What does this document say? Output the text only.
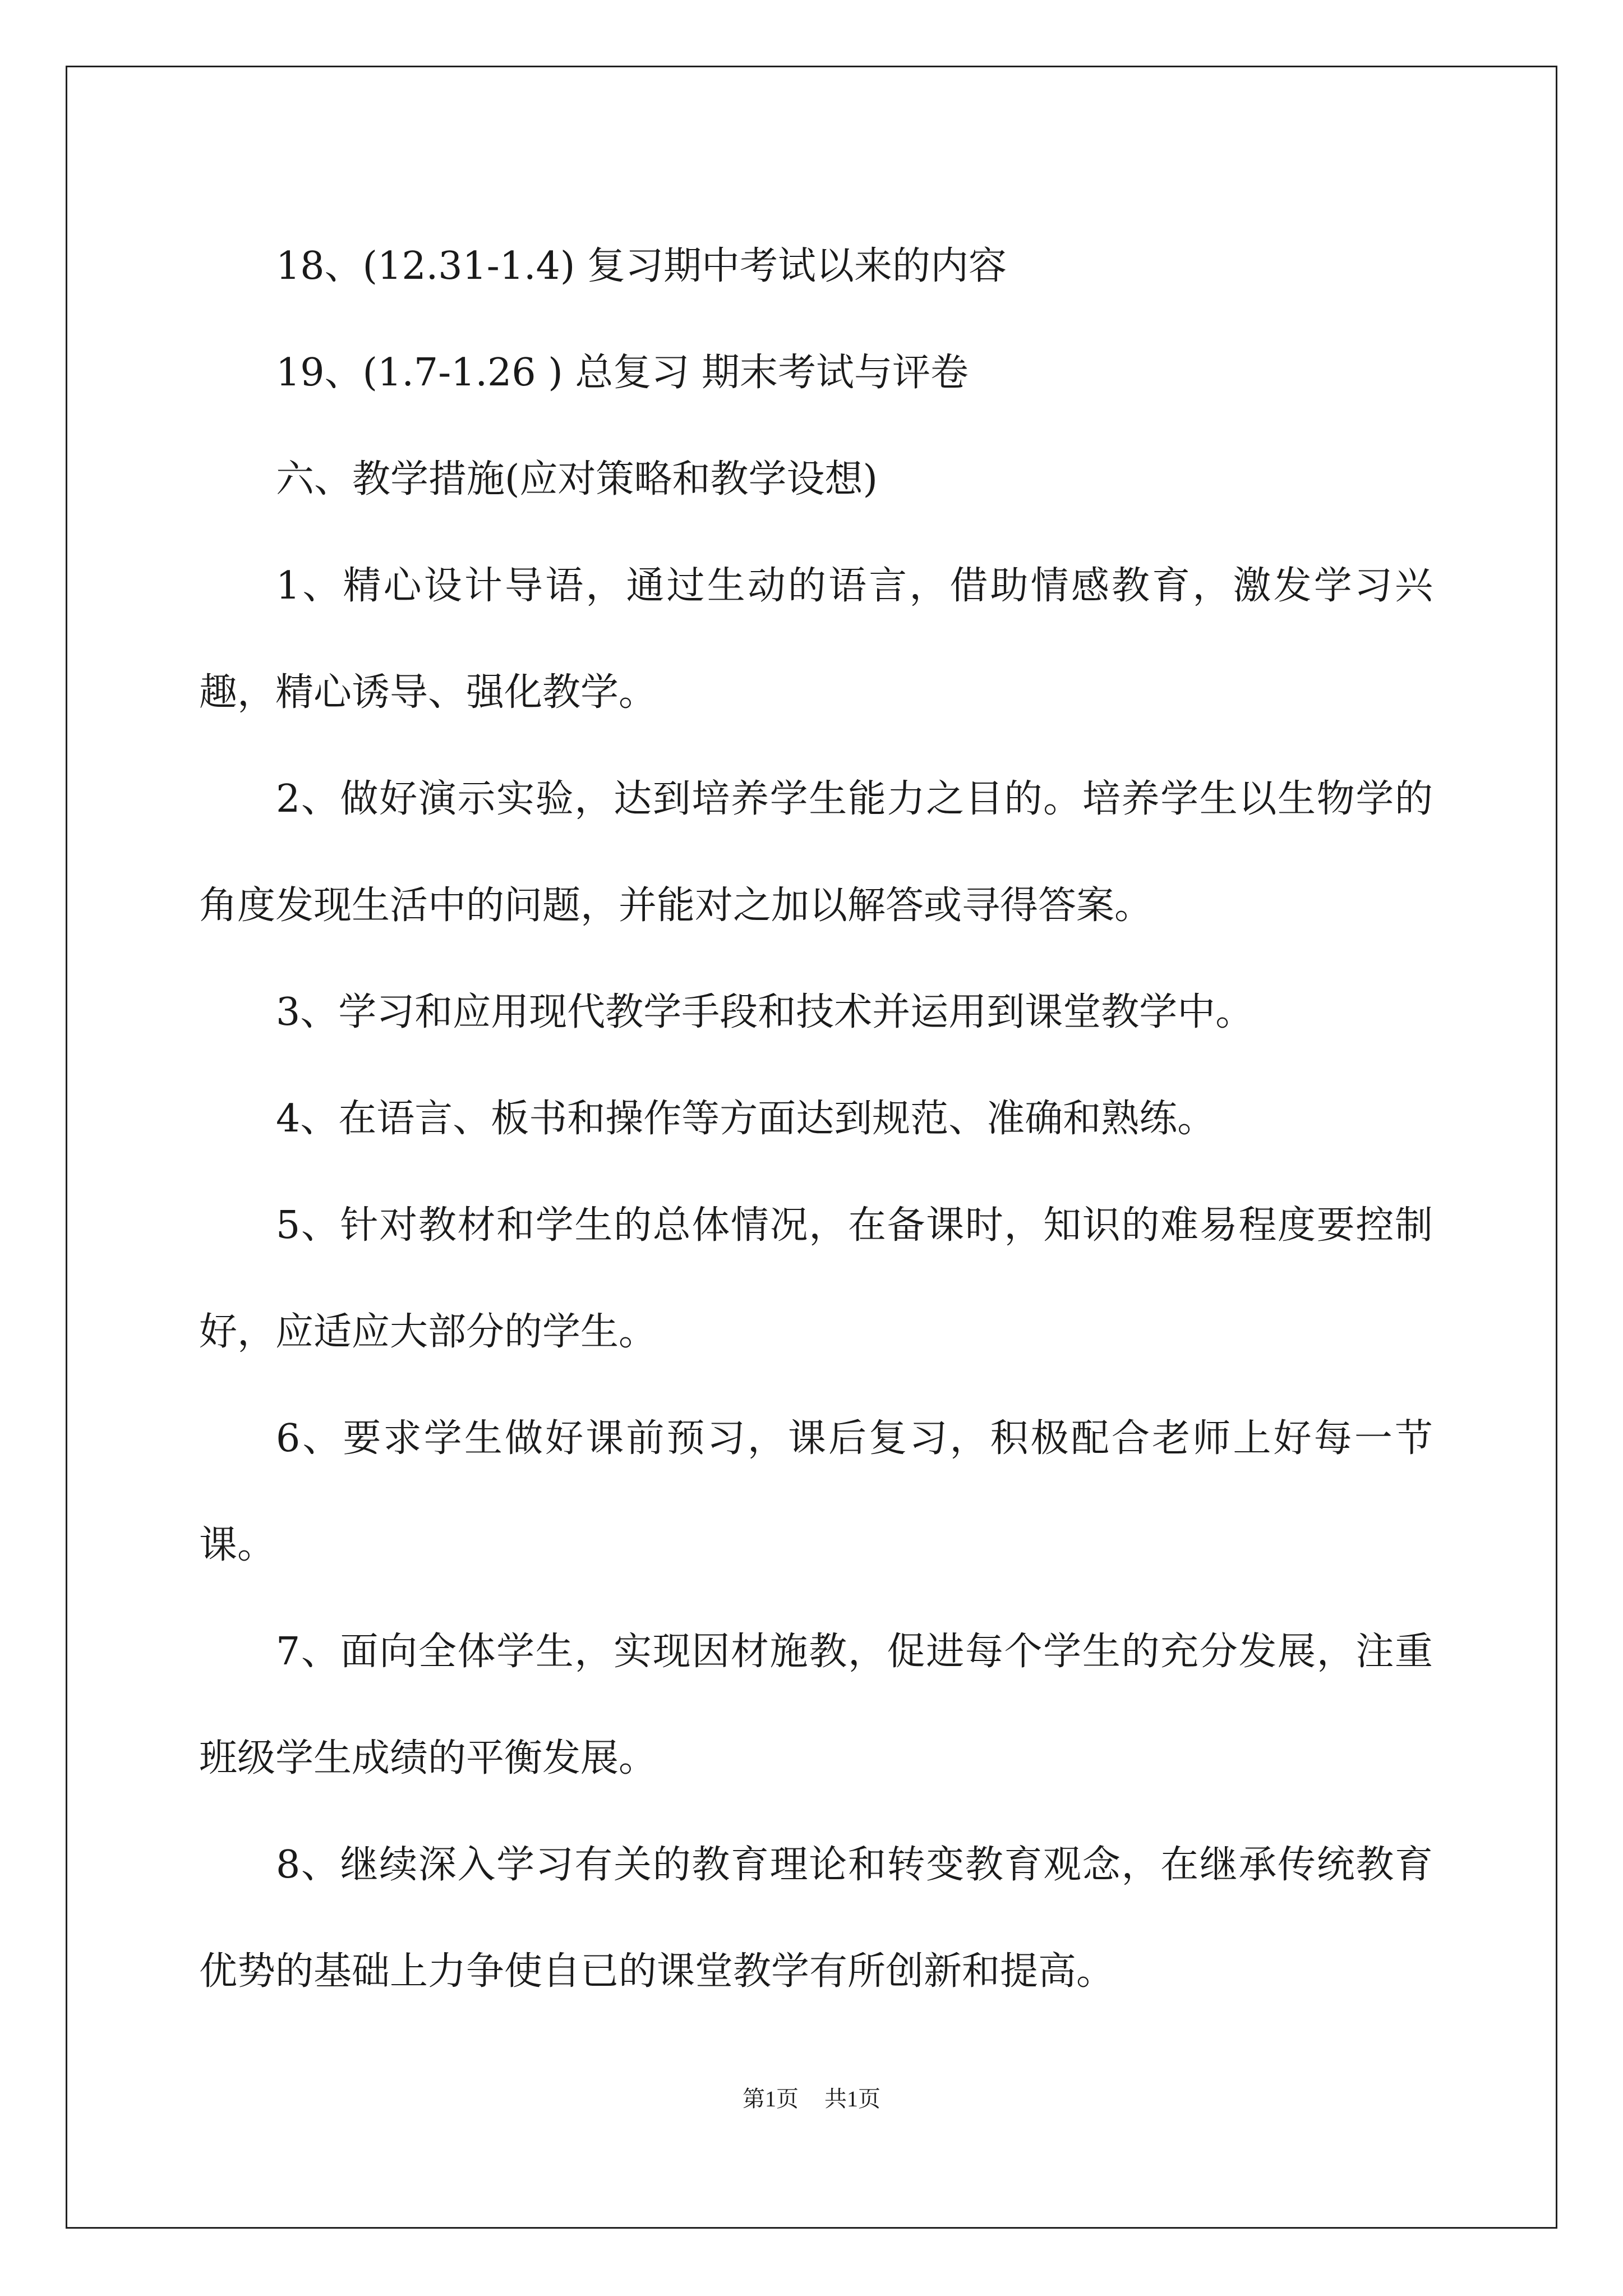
18、(12.31-1.4) 复习期中考试以来的内容

19、(1.7-1.26 ) 总复习 期末考试与评卷

六、教学措施(应对策略和教学设想)

1、精心设计导语，通过生动的语言，借助情感教育，激发学习兴趣，精心诱导、强化教学。

2、做好演示实验，达到培养学生能力之目的。培养学生以生物学的角度发现生活中的问题，并能对之加以解答或寻得答案。

3、学习和应用现代教学手段和技术并运用到课堂教学中。

4、在语言、板书和操作等方面达到规范、准确和熟练。

5、针对教材和学生的总体情况，在备课时，知识的难易程度要控制好，应适应大部分的学生。

6、要求学生做好课前预习，课后复习，积极配合老师上好每一节课。

7、面向全体学生，实现因材施教，促进每个学生的充分发展，注重班级学生成绩的平衡发展。

8、继续深入学习有关的教育理论和转变教育观念，在继承传统教育优势的基础上力争使自已的课堂教学有所创新和提高。

第1页 共1页
